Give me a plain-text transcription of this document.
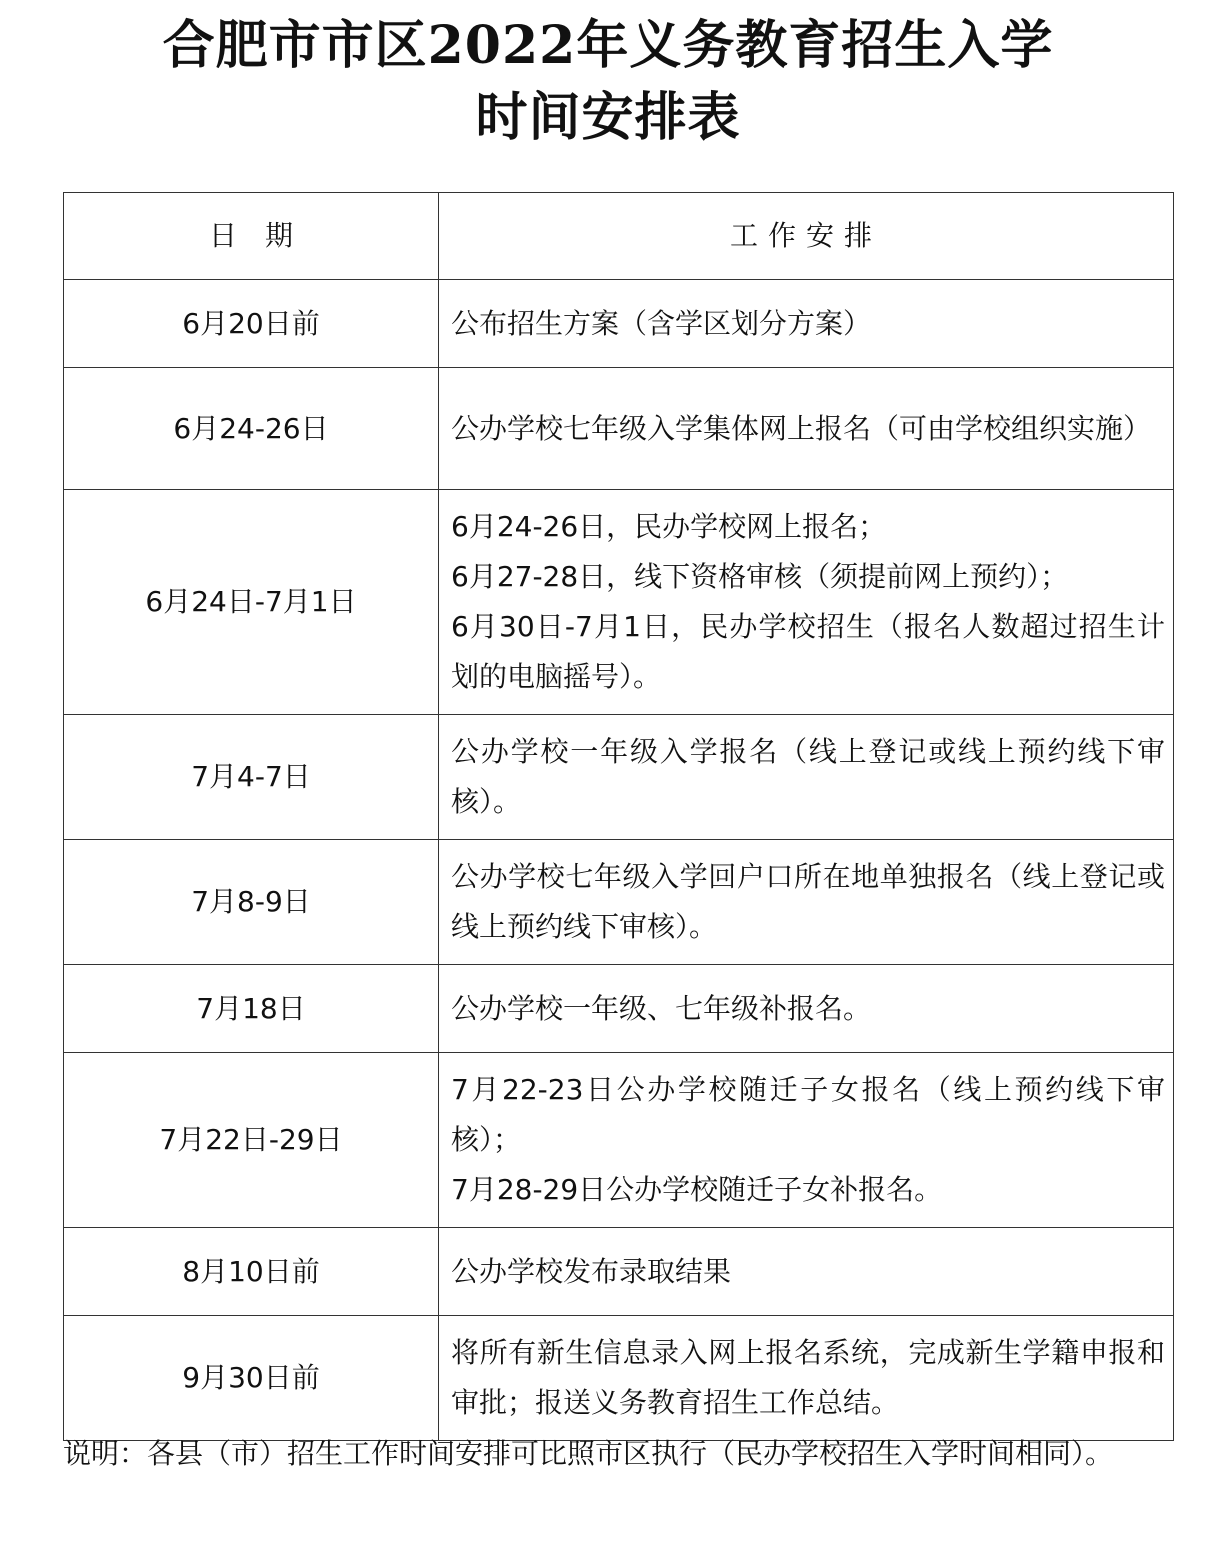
合肥市市区2022年义务教育招生入学
时间安排表
日　期	工作安排
6月20日前	公布招生方案（含学区划分方案）

6月24-26日	公办学校七年级入学集体网上报名（可由学校组织实施）

6月24日-7月1日	6月24-26日，民办学校网上报名；
6月27-28日，线下资格审核（须提前网上预约）；
6月30日-7月1日，民办学校招生（报名人数超过招生计划的电脑摇号）。

7月4-7日	公办学校一年级入学报名（线上登记或线上预约线下审核）。

7月8-9日	公办学校七年级入学回户口所在地单独报名（线上登记或线上预约线下审核）。

7月18日	公办学校一年级、七年级补报名。

7月22日-29日	7月22-23日公办学校随迁子女报名（线上预约线下审核）；
7月28-29日公办学校随迁子女补报名。

8月10日前	公办学校发布录取结果

9月30日前	将所有新生信息录入网上报名系统，完成新生学籍申报和审批；报送义务教育招生工作总结。
说明：各县（市）招生工作时间安排可比照市区执行（民办学校招生入学时间相同）。
